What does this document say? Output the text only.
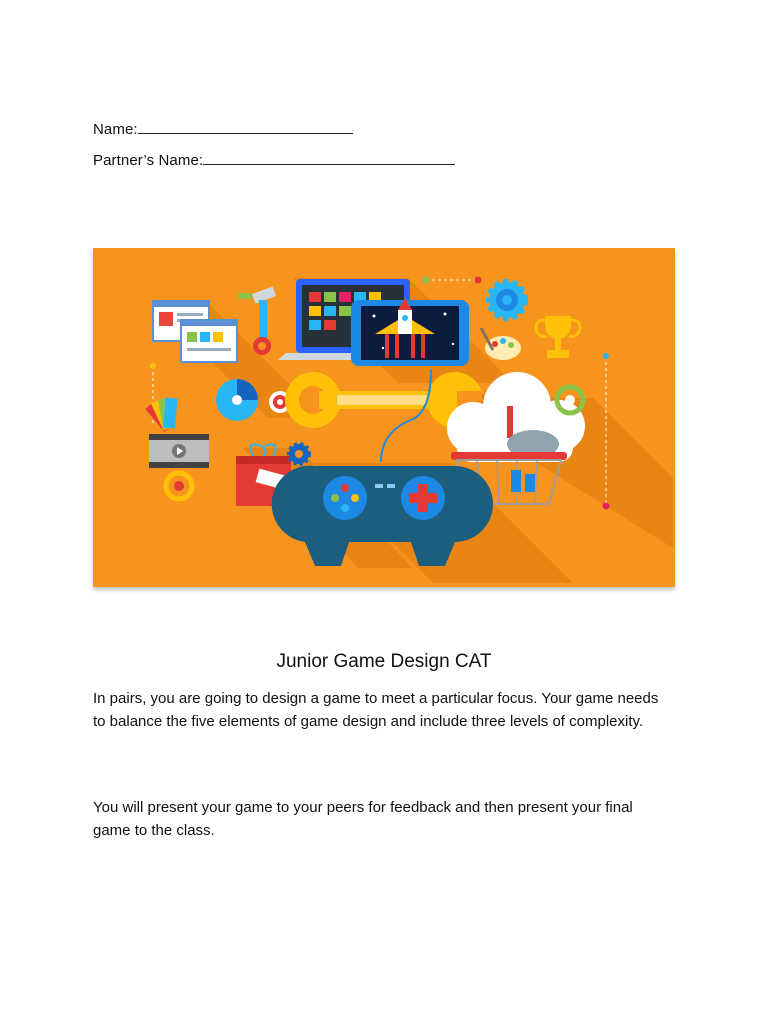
Name:
Partner’s Name:
Junior Game Design CAT
In pairs, you are going to design a game to meet a particular focus. Your game needs to balance the five elements of game design and include three levels of complexity.
You will present your game to your peers for feedback and then present your final game to the class.
